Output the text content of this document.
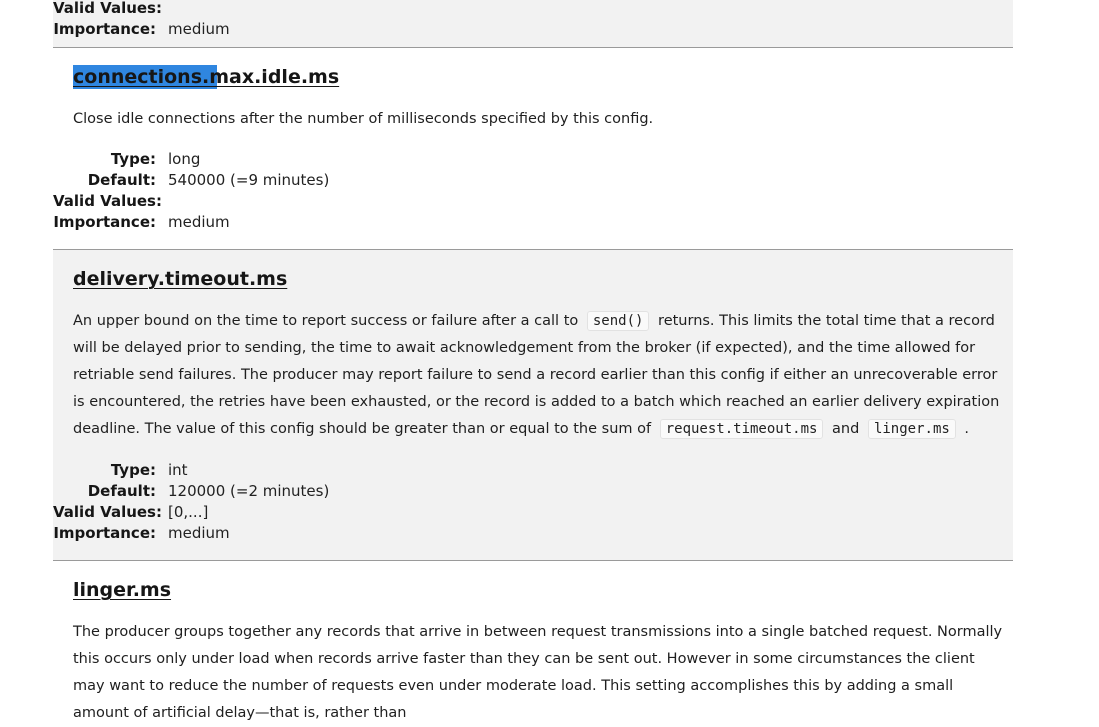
Valid Values:
Importance: medium
connections.max.idle.ms
Close idle connections after the number of milliseconds specified by this config.
Type: long
Default: 540000 (=9 minutes)
Valid Values:
Importance: medium
delivery.timeout.ms
An upper bound on the time to report success or failure after a call to send() returns. This limits the total time that a record will be delayed prior to sending, the time to await acknowledgement from the broker (if expected), and the time allowed for retriable send failures. The producer may report failure to send a record earlier than this config if either an unrecoverable error is encountered, the retries have been exhausted, or the record is added to a batch which reached an earlier delivery expiration deadline. The value of this config should be greater than or equal to the sum of request.timeout.ms and linger.ms .
Type: int
Default: 120000 (=2 minutes)
Valid Values: [0,...]
Importance: medium
linger.ms
The producer groups together any records that arrive in between request transmissions into a single batched request. Normally this occurs only under load when records arrive faster than they can be sent out. However in some circumstances the client may want to reduce the number of requests even under moderate load. This setting accomplishes this by adding a small amount of artificial delay—that is, rather than
